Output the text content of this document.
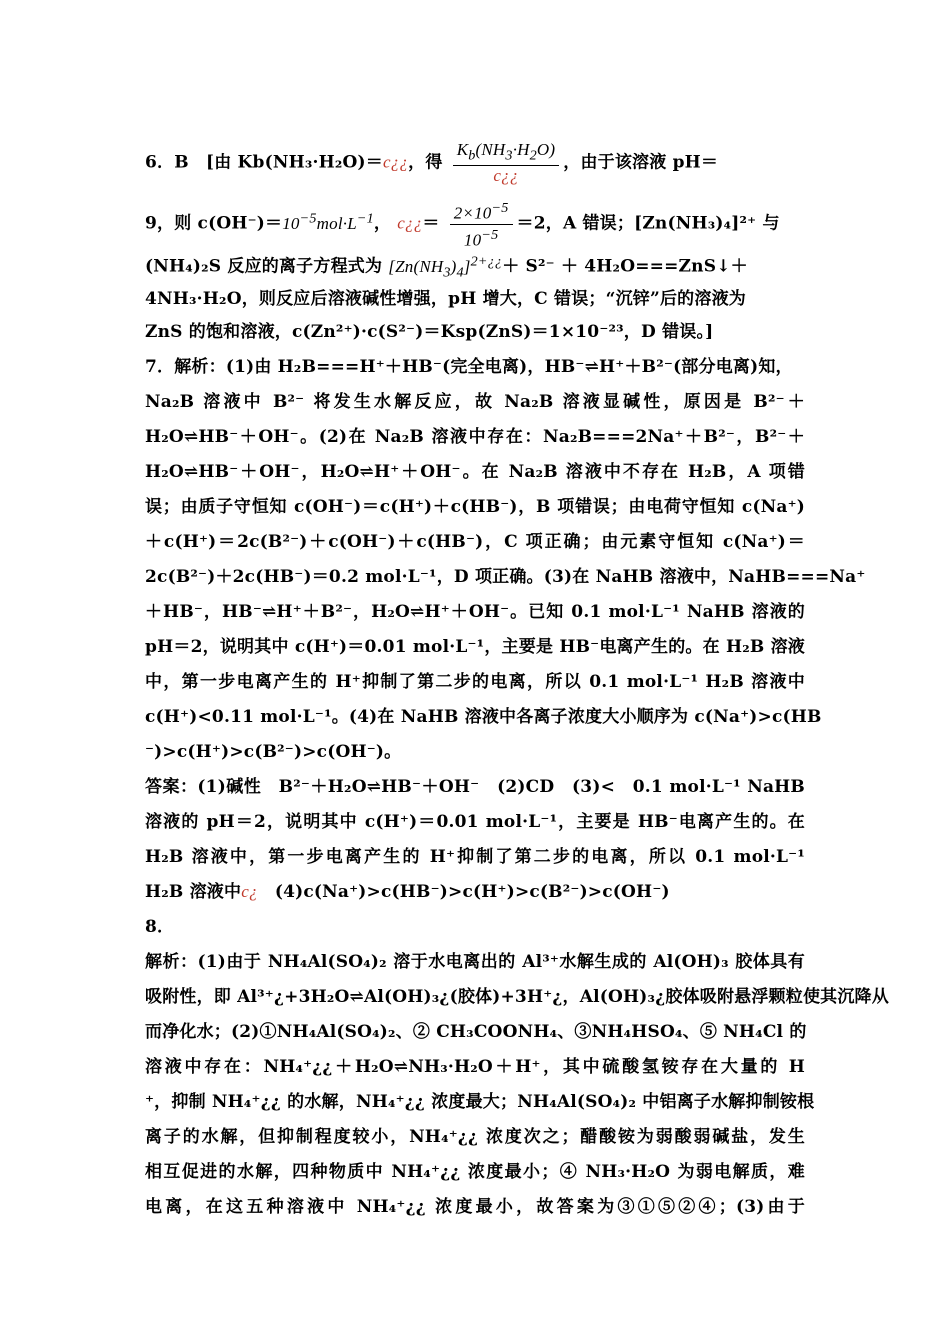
6．B　[由 Kb(NH₃·H₂O)＝c¿¿，得 $\frac{K_b(NH_3\cdot H_2O)}{c¿¿}$ ，由于该溶液 pH＝
9，则 $c(OH^-)=10^{-5}mol\cdot L^{-1}$， c¿¿＝ $\frac{2\times 10^{-5}}{10^{-5}} =2$，A 错误；[Zn(NH₃)₄]²⁺ 与
(NH₄)₂S 反应的离子方程式为 $[Zn(NH_3)_4]^{2+¿¿}+ S^{2-}$ ＋ 4H₂O===ZnS↓＋
4NH₃·H₂O，则反应后溶液碱性增强，pH 增大，C 错误；“沉锌”后的溶液为
ZnS 的饱和溶液，c(Zn²⁺)·c(S²⁻)＝Ksp(ZnS)＝1×10⁻²³，D 错误。]
7．解析：(1)由 H₂B===H⁺＋HB⁻(完全电离)，HB⁻⇌H⁺＋B²⁻(部分电离)知，
Na₂B 溶液中 B²⁻ 将发生水解反应，故 Na₂B 溶液显碱性，原因是 B²⁻＋
H₂O⇌HB⁻＋OH⁻。(2)在 Na₂B 溶液中存在：Na₂B===2Na⁺＋B²⁻，B²⁻＋
H₂O⇌HB⁻＋OH⁻，H₂O⇌H⁺＋OH⁻。在 Na₂B 溶液中不存在 H₂B，A 项错
误；由质子守恒知 c(OH⁻)＝c(H⁺)＋c(HB⁻)，B 项错误；由电荷守恒知 c(Na⁺)
＋c(H⁺)＝2c(B²⁻)＋c(OH⁻)＋c(HB⁻)，C 项正确；由元素守恒知 c(Na⁺)＝
2c(B²⁻)＋2c(HB⁻)＝0.2 mol·L⁻¹，D 项正确。(3)在 NaHB 溶液中，NaHB===Na⁺
＋HB⁻，HB⁻⇌H⁺＋B²⁻，H₂O⇌H⁺＋OH⁻。已知 0.1 mol·L⁻¹ NaHB 溶液的
pH＝2，说明其中 c(H⁺)＝0.01 mol·L⁻¹，主要是 HB⁻电离产生的。在 H₂B 溶液
中，第一步电离产生的 H⁺抑制了第二步的电离，所以 0.1 mol·L⁻¹ H₂B 溶液中
c(H⁺)<0.11 mol·L⁻¹。(4)在 NaHB 溶液中各离子浓度大小顺序为 c(Na⁺)>c(HB
⁻)>c(H⁺)>c(B²⁻)>c(OH⁻)。
答案：(1)碱性　B²⁻＋H₂O⇌HB⁻＋OH⁻　(2)CD　(3)<　0.1 mol·L⁻¹ NaHB
溶液的 pH＝2，说明其中 c(H⁺)＝0.01 mol·L⁻¹，主要是 HB⁻电离产生的。在
H₂B 溶液中，第一步电离产生的 H⁺抑制了第二步的电离，所以 0.1 mol·L⁻¹
H₂B 溶液中c¿　(4)c(Na⁺)>c(HB⁻)>c(H⁺)>c(B²⁻)>c(OH⁻)
8．
解析：(1)由于 NH₄Al(SO₄)₂ 溶于水电离出的 Al³⁺水解生成的 Al(OH)₃ 胶体具有
吸附性，即 Al³⁺¿+3H₂O⇌Al(OH)₃¿(胶体)+3H⁺¿，Al(OH)₃¿胶体吸附悬浮颗粒使其沉降从
而净化水；(2)①NH₄Al(SO₄)₂、② CH₃COONH₄、③NH₄HSO₄、⑤ NH₄Cl 的
溶液中存在：NH₄⁺¿¿＋H₂O⇌NH₃·H₂O＋H⁺，其中硫酸氢铵存在大量的 H
⁺，抑制 NH₄⁺¿¿ 的水解，NH₄⁺¿¿ 浓度最大；NH₄Al(SO₄)₂ 中铝离子水解抑制铵根
离子的水解，但抑制程度较小，NH₄⁺¿¿ 浓度次之；醋酸铵为弱酸弱碱盐，发生
相互促进的水解，四种物质中 NH₄⁺¿¿ 浓度最小；④ NH₃·H₂O 为弱电解质，难
电离，在这五种溶液中 NH₄⁺¿¿ 浓度最小，故答案为③①⑤②④；(3)由于
